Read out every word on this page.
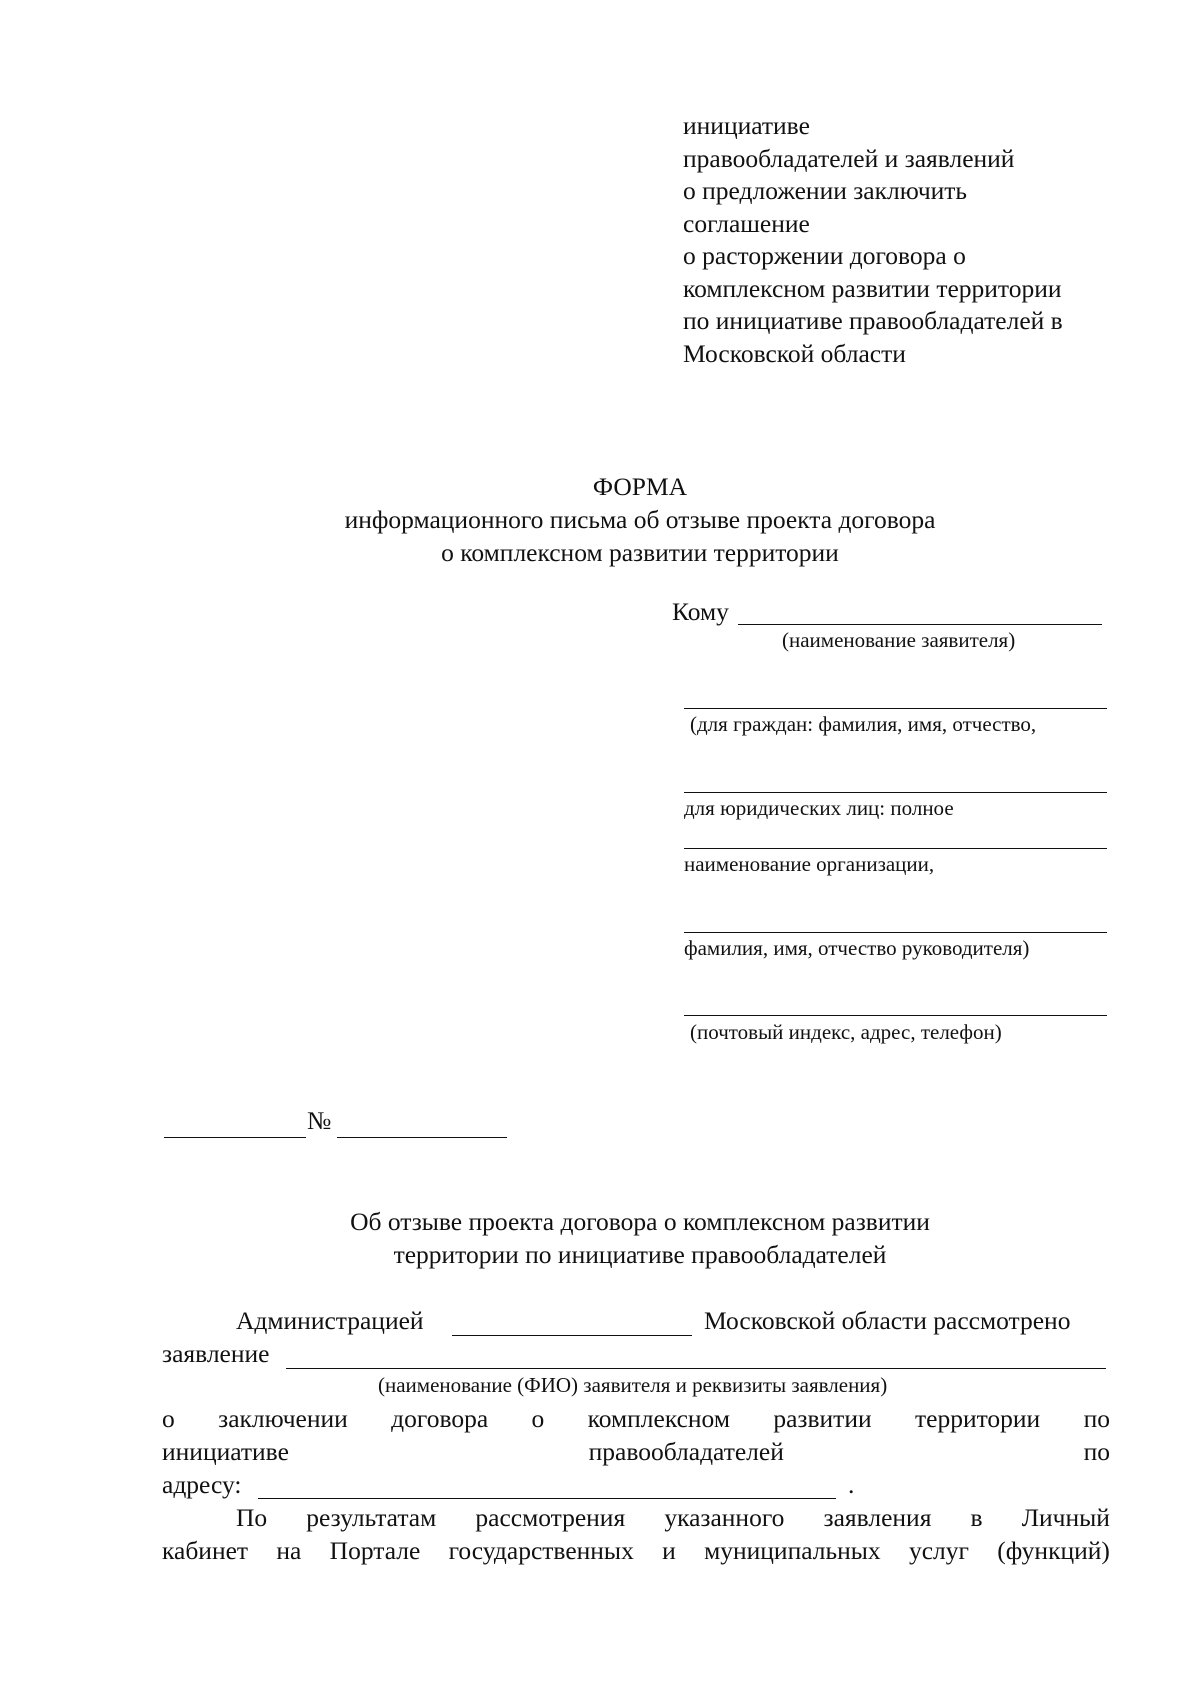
инициативе
правообладателей и заявлений
о предложении заключить
соглашение
о расторжении договора о
комплексном развитии территории
по инициативе правообладателей в
Московской области
ФОРМА
информационного письма об отзыве проекта договора
о комплексном развитии территории
Кому
(наименование заявителя)
(для граждан: фамилия, имя, отчество,
для юридических лиц: полное
наименование организации,
фамилия, имя, отчество руководителя)
(почтовый индекс, адрес, телефон)
№
Об отзыве проекта договора о комплексном развитии
территории по инициативе правообладателей
Администрацией	Московской области рассмотрено
заявление
(наименование (ФИО) заявителя и реквизиты заявления)
о заключении договора о комплексном развитии территории по
инициативе	правообладателей	по
адресу:	.
По результатам рассмотрения указанного заявления в Личный
кабинет на Портале государственных и муниципальных услуг (функций)
